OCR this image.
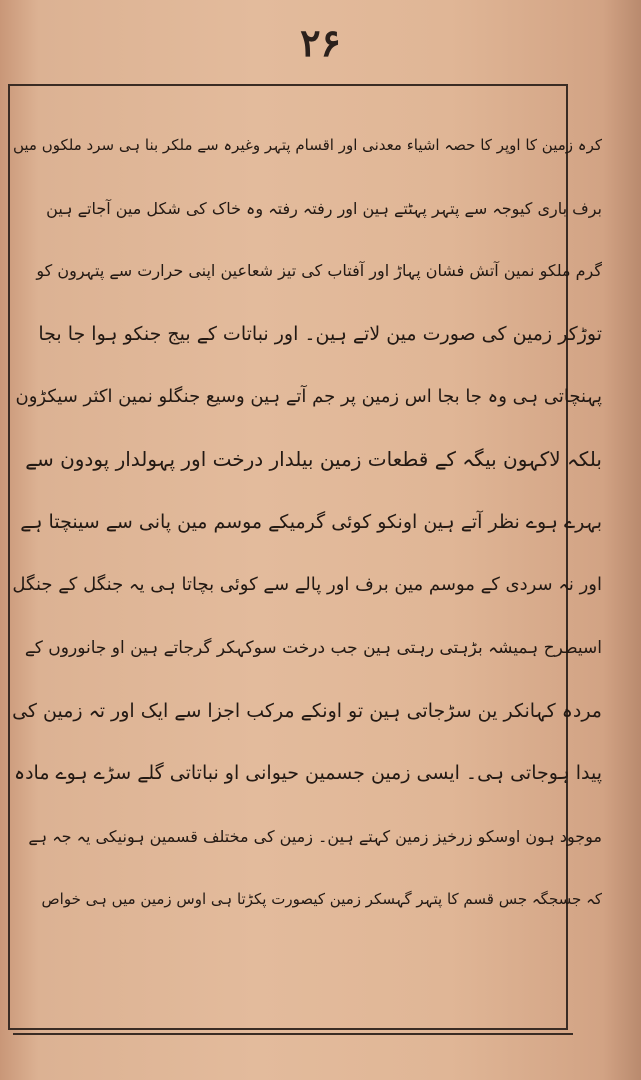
۲۶
کرہ زمین کا اوپر کا حصہ اشیاء معدنی اور اقسام پتہر وغیرہ سے ملکر بنا ہی سرد ملکوں میں
برف باری کیوجہ سے پتہر پہٹتے ہین اور رفتہ رفتہ وہ خاک کی شکل مین آجاتے ہین
گرم ملکو نمین آتش فشان پہاڑ اور آفتاب کی تیز شعاعین اپنی حرارت سے پتہرون کو
توڑکر زمین کی صورت مین لاتے ہین۔ اور نباتات کے بیج جنکو ہوا جا بجا
پہنچاتی ہی وہ جا بجا اس زمین پر جم آتے ہین وسیع جنگلو نمین اکثر سیکڑون
بلکہ لاکہون بیگہ کے قطعات زمین بیلدار درخت اور پہولدار پودون سے
بہرے ہوے نظر آتے ہین اونکو کوئی گرمیکے موسم مین پانی سے سینچتا ہے
اور نہ سردی کے موسم مین برف اور پالے سے کوئی بچاتا ہی یہ جنگل کے جنگل
اسیطرح ہمیشہ بڑہتی رہتی ہین جب درخت سوکہکر گرجاتے ہین او جانوروں کے
مردہ کہانکر ین سڑجاتی ہین تو اونکے مرکب اجزا سے ایک اور تہ زمین کی
پیدا ہوجاتی ہی۔ ایسی زمین جسمین حیوانی او نباتاتی گلے سڑے ہوے مادہ
موجود ہون اوسکو زرخیز زمین کہتے ہین۔ زمین کی مختلف قسمین ہونیکی یہ جہ ہے
کہ جسجگہ جس قسم کا پتہر گہسکر زمین کیصورت پکڑتا ہی اوس زمین میں ہی خواص
